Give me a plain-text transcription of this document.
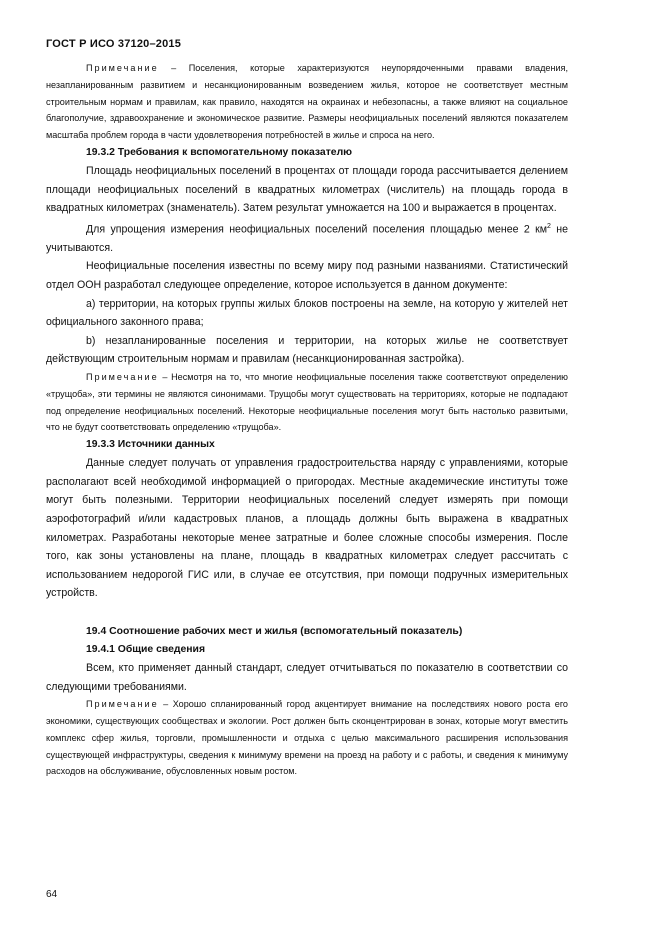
ГОСТ Р ИСО 37120–2015

Примечание – Поселения, которые характеризуются неупорядоченными правами владения, незапланированным развитием и несанкционированным возведением жилья, которое не соответствует местным строительным нормам и правилам, как правило, находятся на окраинах и небезопасны, а также влияют на социальное благополучие, здравоохранение и экономическое развитие. Размеры неофициальных поселений являются показателем масштаба проблем города в части удовлетворения потребностей в жилье и спроса на него.

19.3.2 Требования к вспомогательному показателю

Площадь неофициальных поселений в процентах от площади города рассчитывается делением площади неофициальных поселений в квадратных километрах (числитель) на площадь города в квадратных километрах (знаменатель). Затем результат умножается на 100 и выражается в процентах.

Для упрощения измерения неофициальных поселений поселения площадью менее 2 $км^2$ не учитываются.

Неофициальные поселения известны по всему миру под разными названиями. Статистический отдел ООН разработал следующее определение, которое используется в данном документе:

a) территории, на которых группы жилых блоков построены на земле, на которую у жителей нет официального законного права;

b) незапланированные поселения и территории, на которых жилье не соответствует действующим строительным нормам и правилам (несанкционированная застройка).

Примечание – Несмотря на то, что многие неофициальные поселения также соответствуют определению «трущоба», эти термины не являются синонимами. Трущобы могут существовать на территориях, которые не подпадают под определение неофициальных поселений. Некоторые неофициальные поселения могут быть настолько развитыми, что не будут соответствовать определению «трущоба».

19.3.3 Источники данных

Данные следует получать от управления градостроительства наряду с управлениями, которые располагают всей необходимой информацией о пригородах. Местные академические институты тоже могут быть полезными. Территории неофициальных поселений следует измерять при помощи аэрофотографий и/или кадастровых планов, а площадь должны быть выражена в квадратных километрах. Разработаны некоторые менее затратные и более сложные способы измерения. После того, как зоны установлены на плане, площадь в квадратных километрах следует рассчитать с использованием недорогой ГИС или, в случае ее отсутствия, при помощи подручных измерительных устройств.

19.4 Соотношение рабочих мест и жилья (вспомогательный показатель)
19.4.1 Общие сведения

Всем, кто применяет данный стандарт, следует отчитываться по показателю в соответствии со следующими требованиями.

Примечание – Хорошо спланированный город акцентирует внимание на последствиях нового роста его экономики, существующих сообществах и экологии. Рост должен быть сконцентрирован в зонах, которые могут вместить комплекс сфер жилья, торговли, промышленности и отдыха с целью максимального расширения использования существующей инфраструктуры, сведения к минимуму времени на проезд на работу и с работы, и сведения к минимуму расходов на обслуживание, обусловленных новым ростом.

64
